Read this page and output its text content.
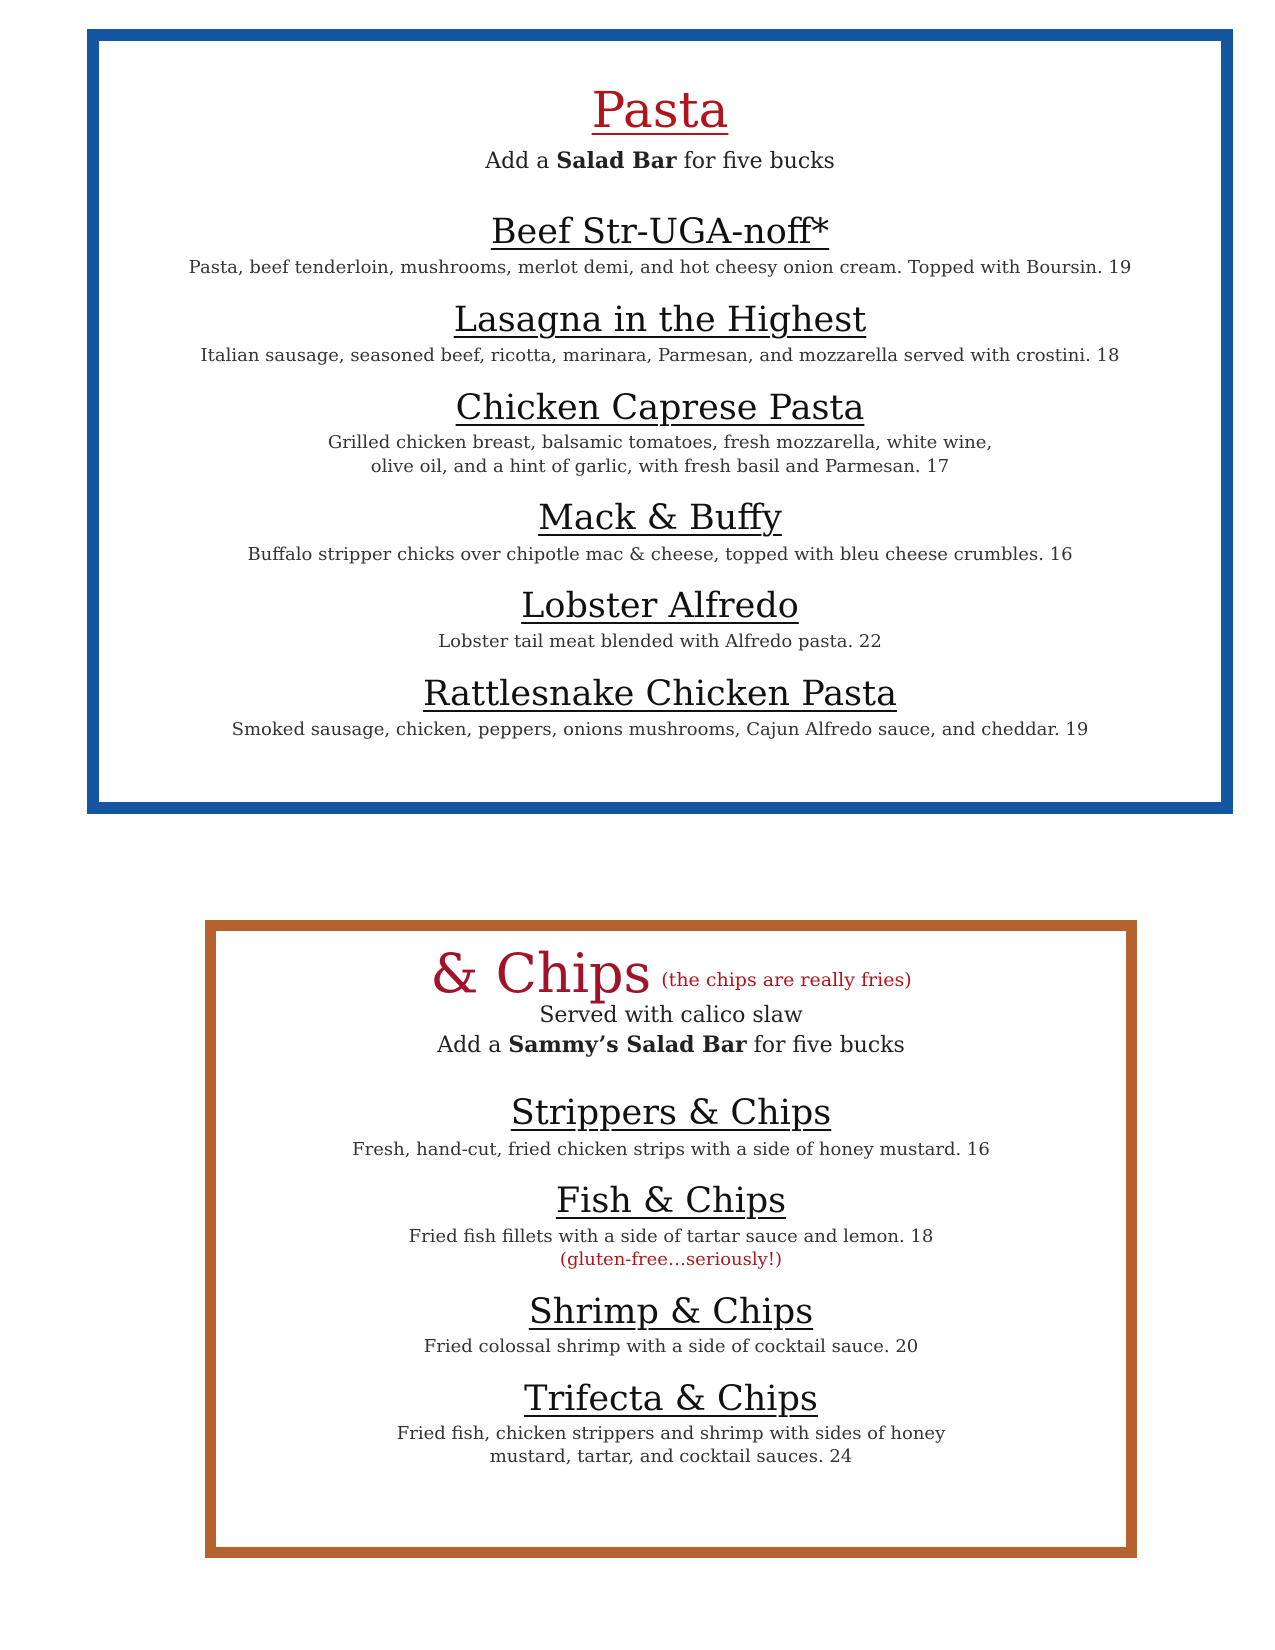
Pasta
Add a Salad Bar for five bucks
Beef Str-UGA-noff*
Pasta, beef tenderloin, mushrooms, merlot demi, and hot cheesy onion cream. Topped with Boursin. 19
Lasagna in the Highest
Italian sausage, seasoned beef, ricotta, marinara, Parmesan, and mozzarella served with crostini. 18
Chicken Caprese Pasta
Grilled chicken breast, balsamic tomatoes, fresh mozzarella, white wine,
olive oil, and a hint of garlic, with fresh basil and Parmesan. 17
Mack & Buffy
Buffalo stripper chicks over chipotle mac & cheese, topped with bleu cheese crumbles. 16
Lobster Alfredo
Lobster tail meat blended with Alfredo pasta. 22
Rattlesnake Chicken Pasta
Smoked sausage, chicken, peppers, onions mushrooms, Cajun Alfredo sauce, and cheddar. 19
& Chips (the chips are really fries)
Served with calico slaw
Add a Sammy’s Salad Bar for five bucks
Strippers & Chips
Fresh, hand-cut, fried chicken strips with a side of honey mustard. 16
Fish & Chips
Fried fish fillets with a side of tartar sauce and lemon. 18
(gluten-free…seriously!)
Shrimp & Chips
Fried colossal shrimp with a side of cocktail sauce. 20
Trifecta & Chips
Fried fish, chicken strippers and shrimp with sides of honey
mustard, tartar, and cocktail sauces. 24
